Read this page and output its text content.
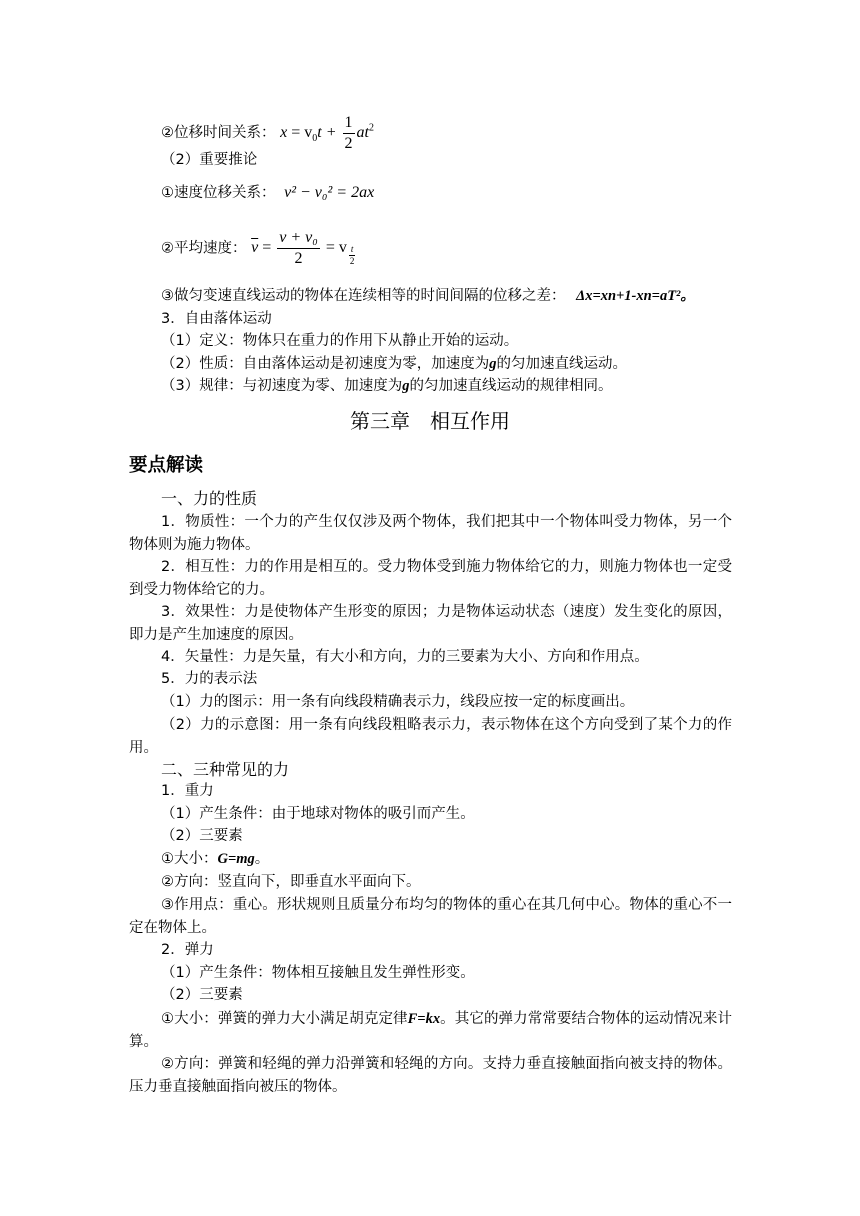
②位移时间关系： $x = v_0t + \frac{1}{2} at^2$
（2）重要推论
①速度位移关系： v² − v₀² = 2ax
②平均速度： $\overline{v} = \frac{\text{v + v₀}}{2} = v \frac{t}{2}$
③做匀变速直线运动的物体在连续相等的时间间隔的位移之差： Δx=xn+1-xn=aT²。
3．自由落体运动
（1）定义：物体只在重力的作用下从静止开始的运动。
（2）性质：自由落体运动是初速度为零，加速度为g的匀加速直线运动。
（3）规律：与初速度为零、加速度为g的匀加速直线运动的规律相同。
第三章　相互作用
要点解读
一、力的性质
1．物质性：一个力的产生仅仅涉及两个物体，我们把其中一个物体叫受力物体，另一个物体则为施力物体。
2．相互性：力的作用是相互的。受力物体受到施力物体给它的力，则施力物体也一定受到受力物体给它的力。
3．效果性：力是使物体产生形变的原因；力是物体运动状态（速度）发生变化的原因，即力是产生加速度的原因。
4．矢量性：力是矢量，有大小和方向，力的三要素为大小、方向和作用点。
5．力的表示法
（1）力的图示：用一条有向线段精确表示力，线段应按一定的标度画出。
（2）力的示意图：用一条有向线段粗略表示力，表示物体在这个方向受到了某个力的作用。
二、三种常见的力
1．重力
（1）产生条件：由于地球对物体的吸引而产生。
（2）三要素
①大小：G=mg。
②方向：竖直向下，即垂直水平面向下。
③作用点：重心。形状规则且质量分布均匀的物体的重心在其几何中心。物体的重心不一定在物体上。
2．弹力
（1）产生条件：物体相互接触且发生弹性形变。
（2）三要素
①大小：弹簧的弹力大小满足胡克定律F=kx。其它的弹力常常要结合物体的运动情况来计算。
②方向：弹簧和轻绳的弹力沿弹簧和轻绳的方向。支持力垂直接触面指向被支持的物体。压力垂直接触面指向被压的物体。
